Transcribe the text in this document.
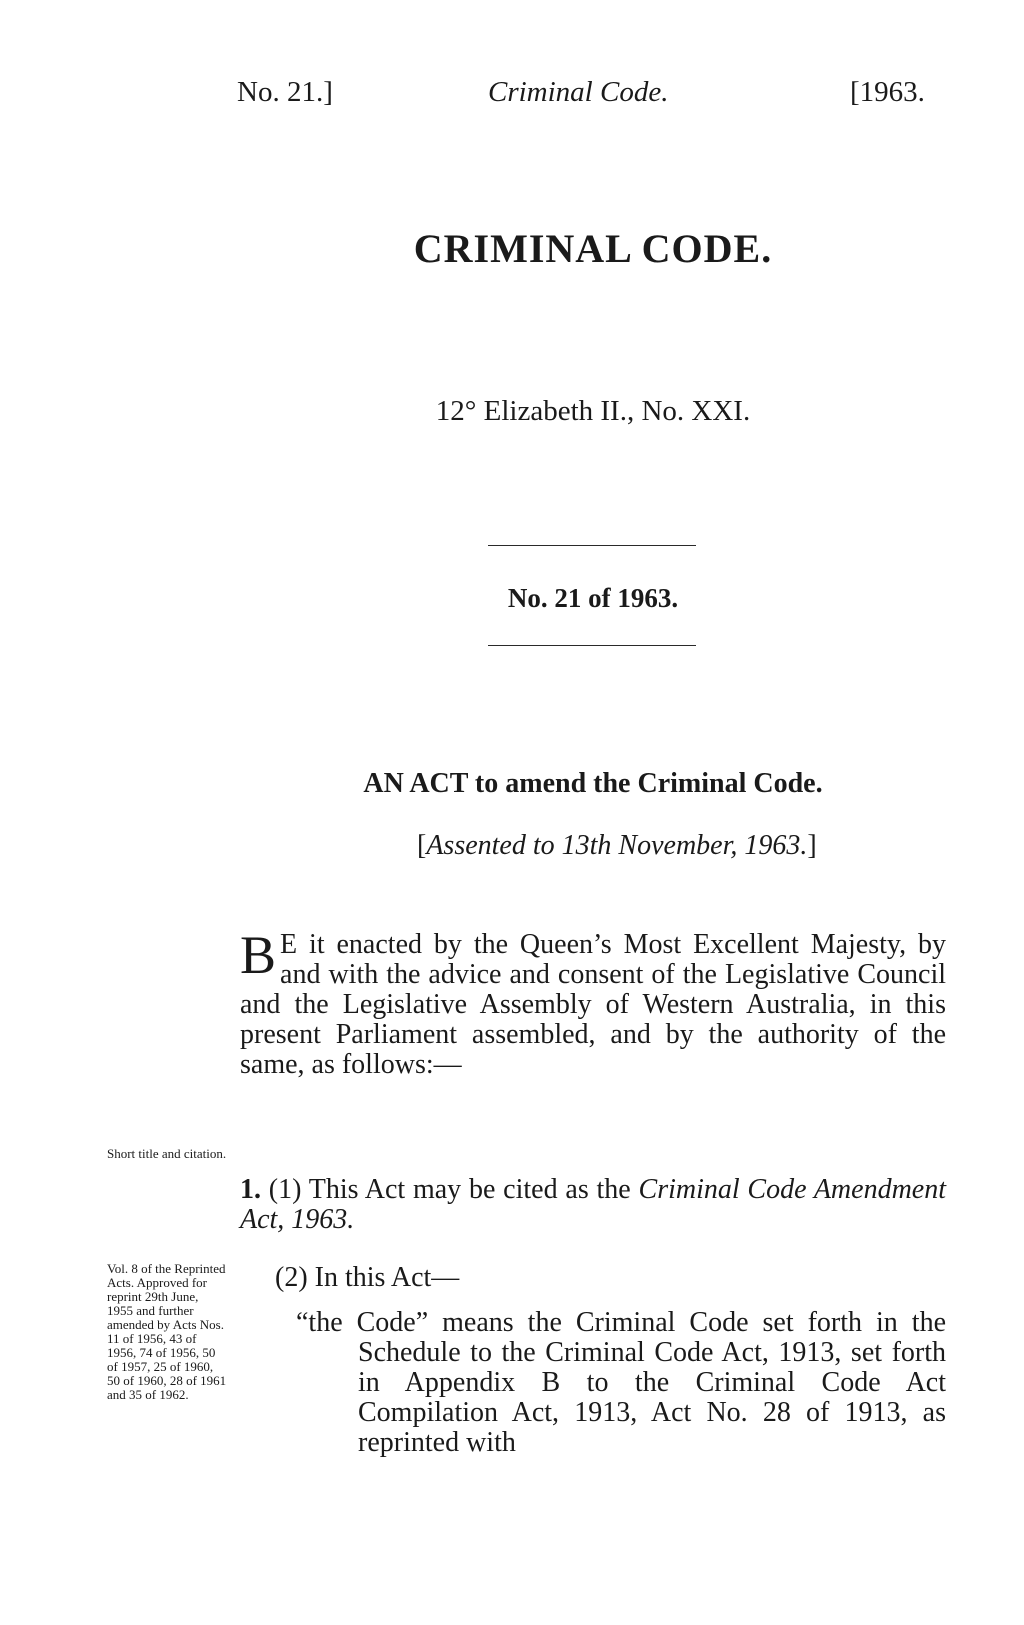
No. 21.]	Criminal Code.	[1963.
CRIMINAL CODE.
12° Elizabeth II., No. XXI.
No. 21 of 1963.
AN ACT to amend the Criminal Code.
[Assented to 13th November, 1963.]
B E it enacted by the Queen’s Most Excellent Majesty, by and with the advice and consent of the Legislative Council and the Legislative Assembly of Western Australia, in this present Parliament assembled, and by the authority of the same, as follows:—
Short title and citation.
1. (1) This Act may be cited as the Criminal Code Amendment Act, 1963.
Vol. 8 of the Reprinted Acts. Approved for reprint 29th June, 1955 and further amended by Acts Nos. 11 of 1956, 43 of 1956, 74 of 1956, 50 of 1957, 25 of 1960, 50 of 1960, 28 of 1961 and 35 of 1962.
(2) In this Act—
“the Code” means the Criminal Code set forth in the Schedule to the Criminal Code Act, 1913, set forth in Appendix B to the Criminal Code Act Compilation Act, 1913, Act No. 28 of 1913, as reprinted with
